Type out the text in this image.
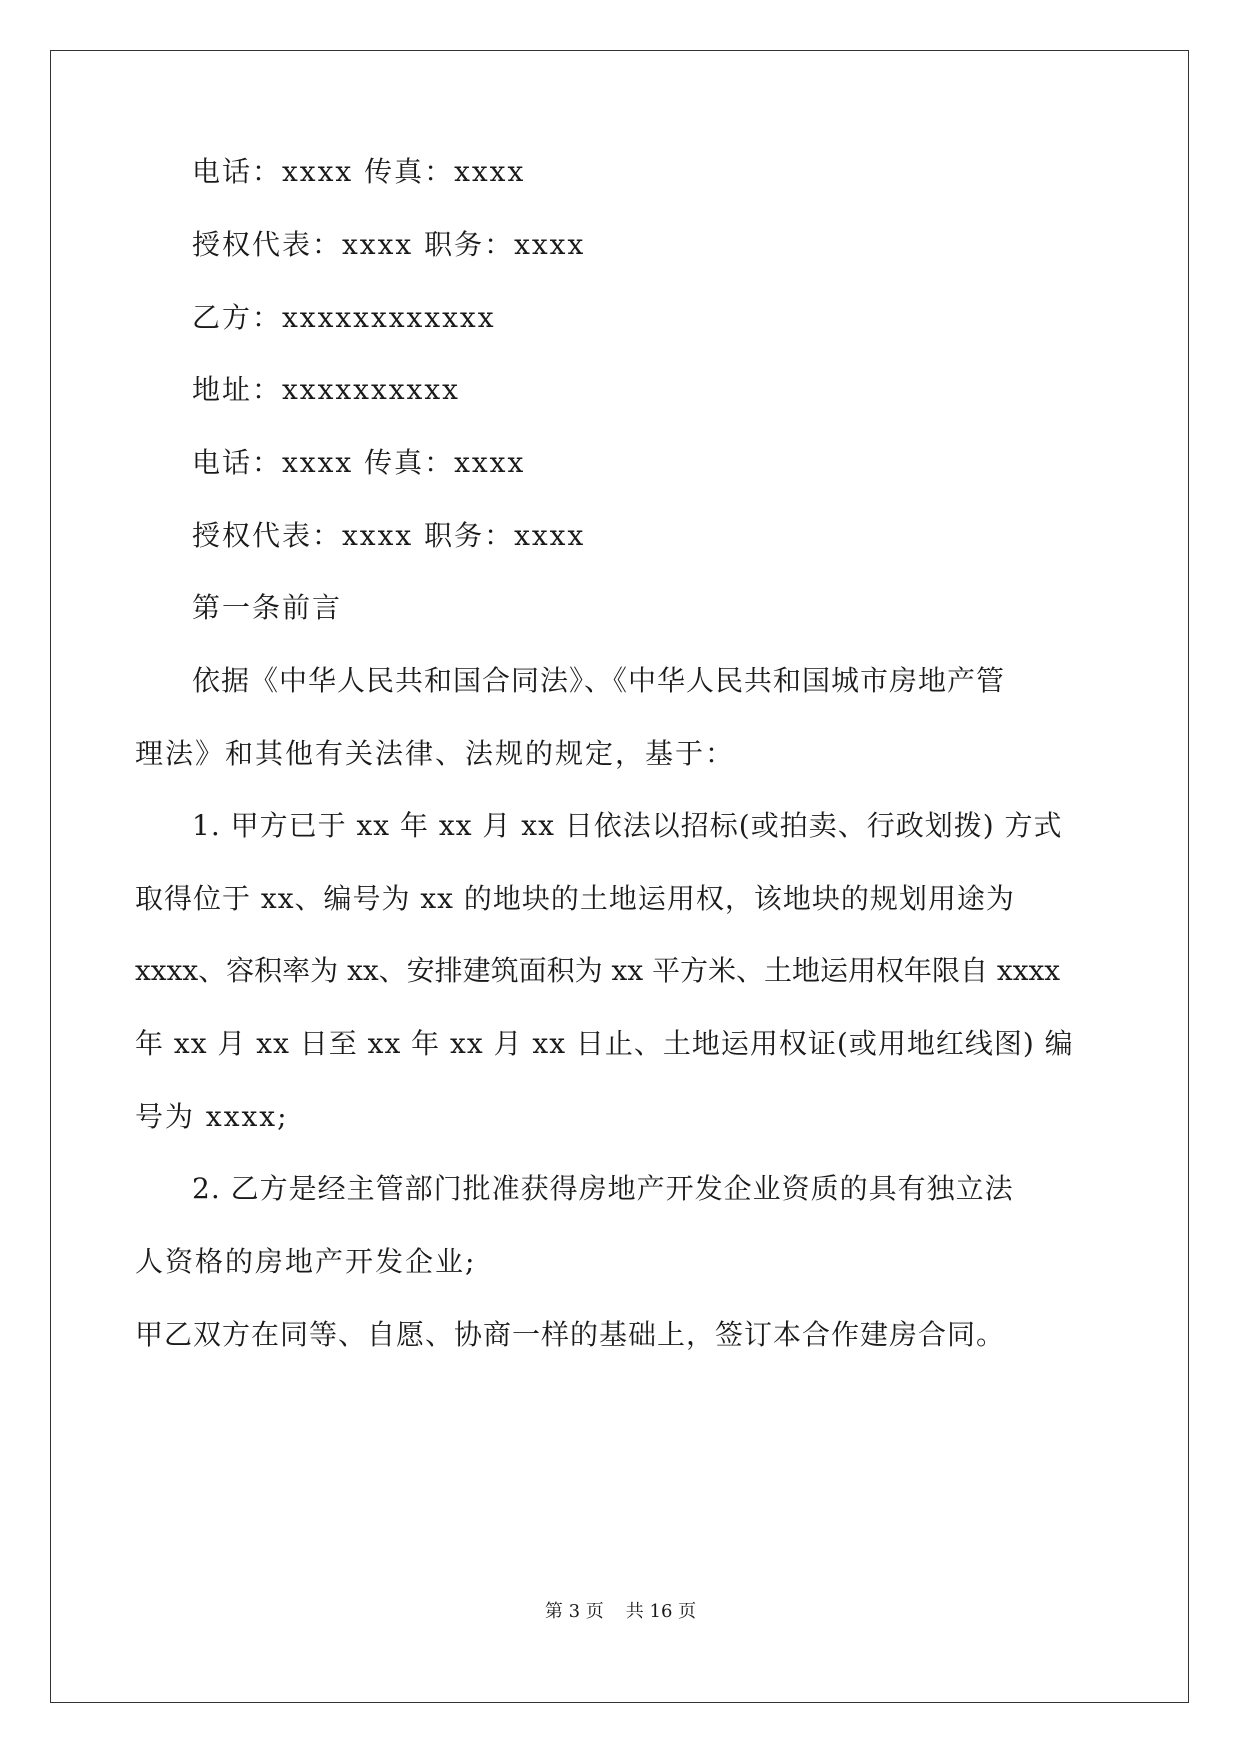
电话：xxxx 传真：xxxx
授权代表：xxxx 职务：xxxx
乙方：xxxxxxxxxxxx
地址：xxxxxxxxxx
电话：xxxx 传真：xxxx
授权代表：xxxx 职务：xxxx
第一条前言
依据《中华人民共和国合同法》、《中华人民共和国城市房地产管
理法》和其他有关法律、法规的规定，基于：
1. 甲方已于 xx 年 xx 月 xx 日依法以招标(或拍卖、行政划拨) 方式
取得位于 xx、编号为 xx 的地块的土地运用权，该地块的规划用途为
xxxx、容积率为 xx、安排建筑面积为 xx 平方米、土地运用权年限自 xxxx
年 xx 月 xx 日至 xx 年 xx 月 xx 日止、土地运用权证(或用地红线图) 编
号为 xxxx;
2. 乙方是经主管部门批准获得房地产开发企业资质的具有独立法
人资格的房地产开发企业;
甲乙双方在同等、自愿、协商一样的基础上，签订本合作建房合同。
第 3 页 共 16 页
